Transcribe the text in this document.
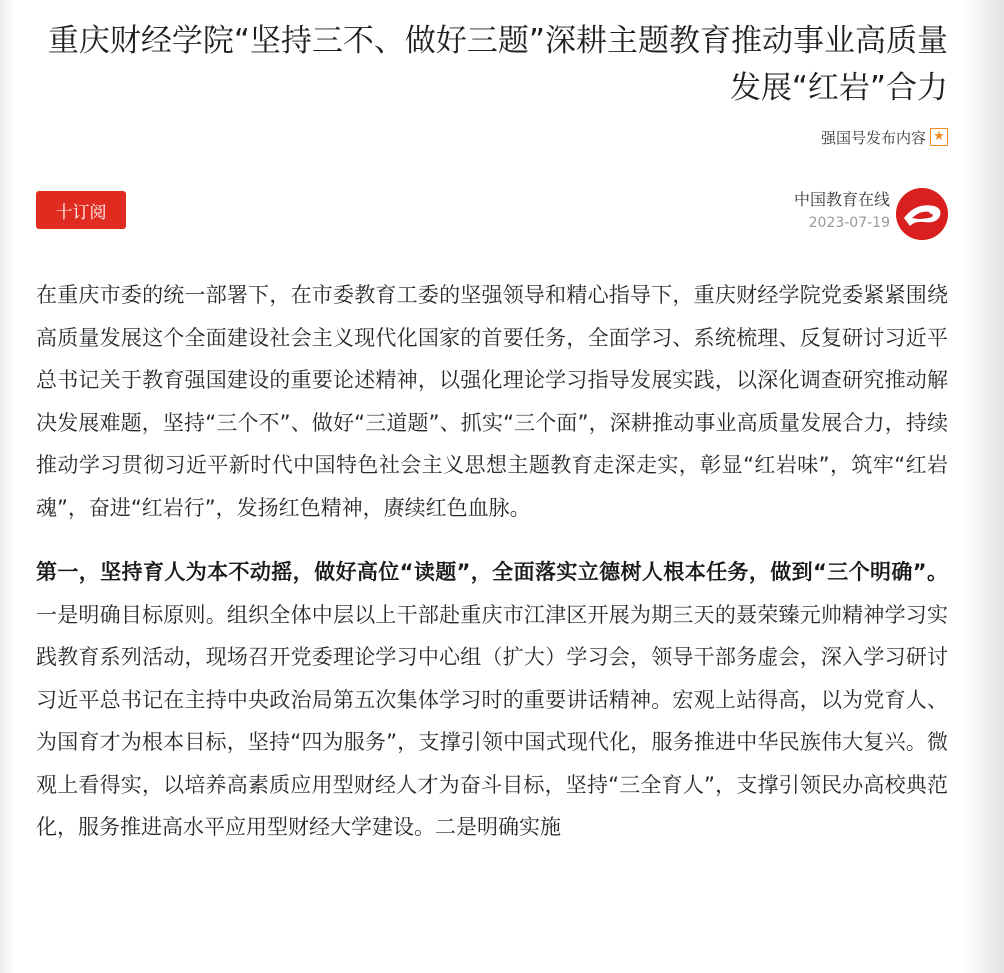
重庆财经学院“坚持三不、做好三题”深耕主题教育推动事业高质量发展“红岩”合力
强国号发布内容 ★
十订阅
中国教育在线
2023-07-19

在重庆市委的统一部署下，在市委教育工委的坚强领导和精心指导下，重庆财经学院党委紧紧围绕高质量发展这个全面建设社会主义现代化国家的首要任务，全面学习、系统梳理、反复研讨习近平总书记关于教育强国建设的重要论述精神，以强化理论学习指导发展实践，以深化调查研究推动解决发展难题，坚持“三个不”、做好“三道题”、抓实“三个面”，深耕推动事业高质量发展合力，持续推动学习贯彻习近平新时代中国特色社会主义思想主题教育走深走实，彰显“红岩味”，筑牢“红岩魂”，奋进“红岩行”，发扬红色精神，赓续红色血脉。

第一，坚持育人为本不动摇，做好高位“读题”，全面落实立德树人根本任务，做到“三个明确”。一是明确目标原则。组织全体中层以上干部赴重庆市江津区开展为期三天的聂荣臻元帅精神学习实践教育系列活动，现场召开党委理论学习中心组（扩大）学习会，领导干部务虚会，深入学习研讨习近平总书记在主持中央政治局第五次集体学习时的重要讲话精神。宏观上站得高，以为党育人、为国育才为根本目标，坚持“四为服务”，支撑引领中国式现代化，服务推进中华民族伟大复兴。微观上看得实，以培养高素质应用型财经人才为奋斗目标，坚持“三全育人”，支撑引领民办高校典范化，服务推进高水平应用型财经大学建设。二是明确实施
